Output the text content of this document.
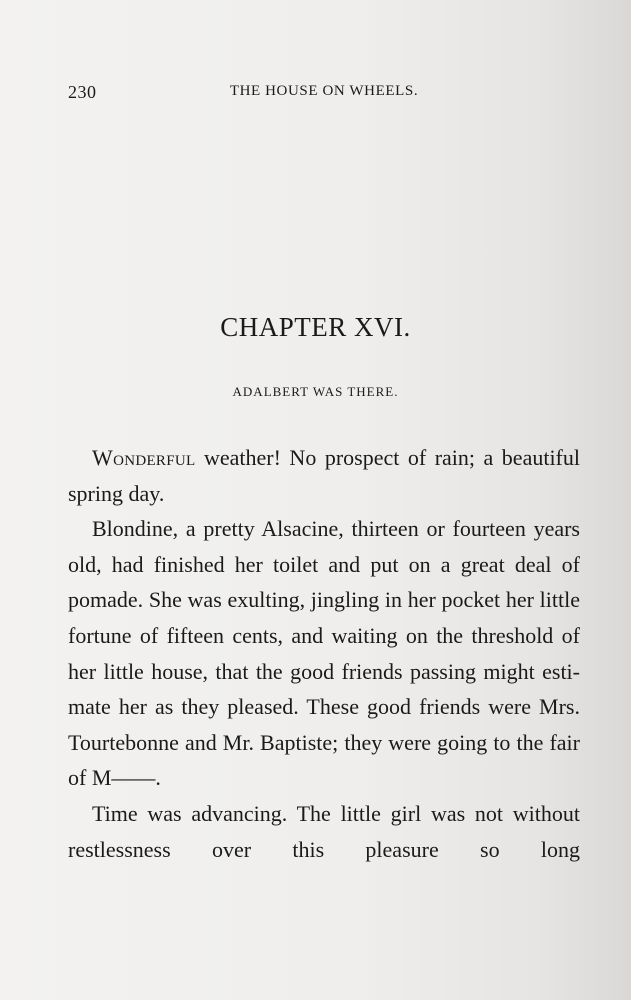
230	THE HOUSE ON WHEELS.
CHAPTER XVI.
ADALBERT WAS THERE.

Wonderful weather! No prospect of rain; a beautiful spring day.

Blondine, a pretty Alsacine, thirteen or fourteen years old, had finished her toilet and put on a great deal of pomade. She was exulting, jingling in her pocket her little fortune of fifteen cents, and waiting on the threshold of her little house, that the good friends passing might estimate her as they pleased. These good friends were Mrs. Tourtebonne and Mr. Baptiste; they were going to the fair of M——.

Time was advancing. The little girl was not without restlessness over this pleasure so long
